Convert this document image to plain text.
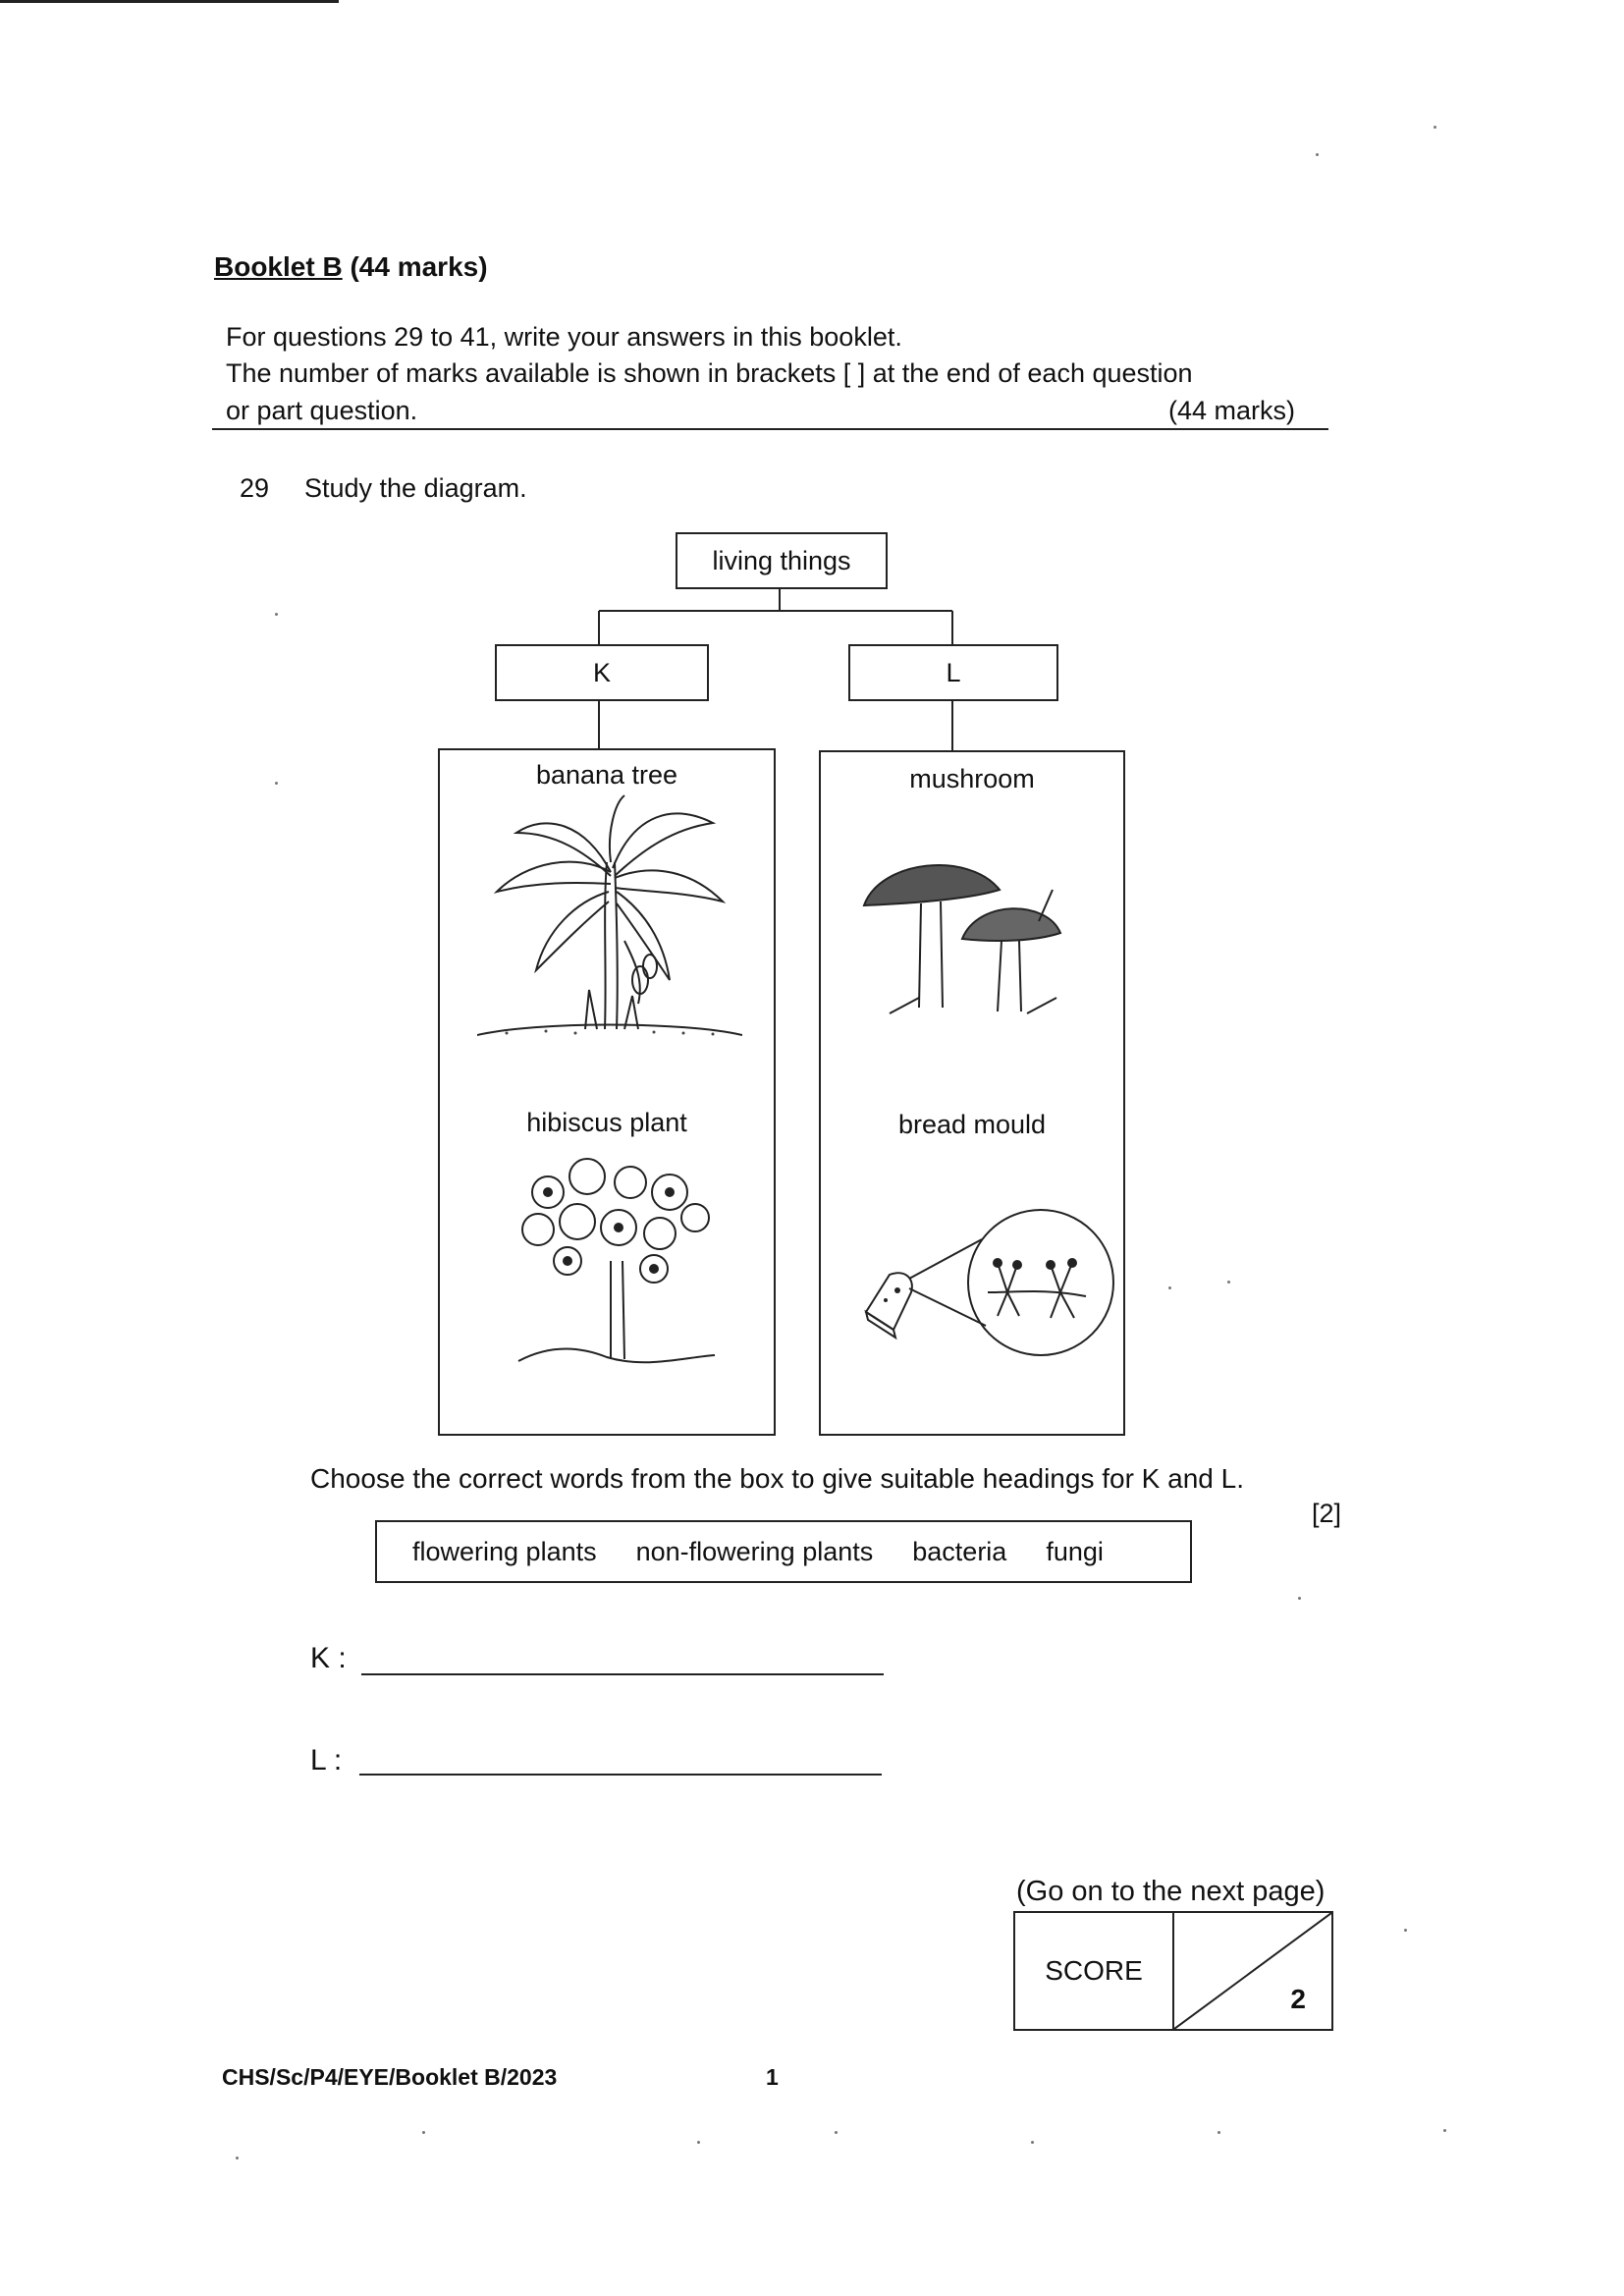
Booklet B (44 marks)
For questions 29 to 41, write your answers in this booklet.
The number of marks available is shown in brackets [ ] at the end of each question
or part question.	(44 marks)
29 Study the diagram.
living things
K	L
banana tree
hibiscus plant
mushroom
bread mould
Choose the correct words from the box to give suitable headings for K and L.
[2]
flowering plants non-flowering plants bacteria fungi
K :
L :
(Go on to the next page)
SCORE
2
CHS/Sc/P4/EYE/Booklet B/2023	1
